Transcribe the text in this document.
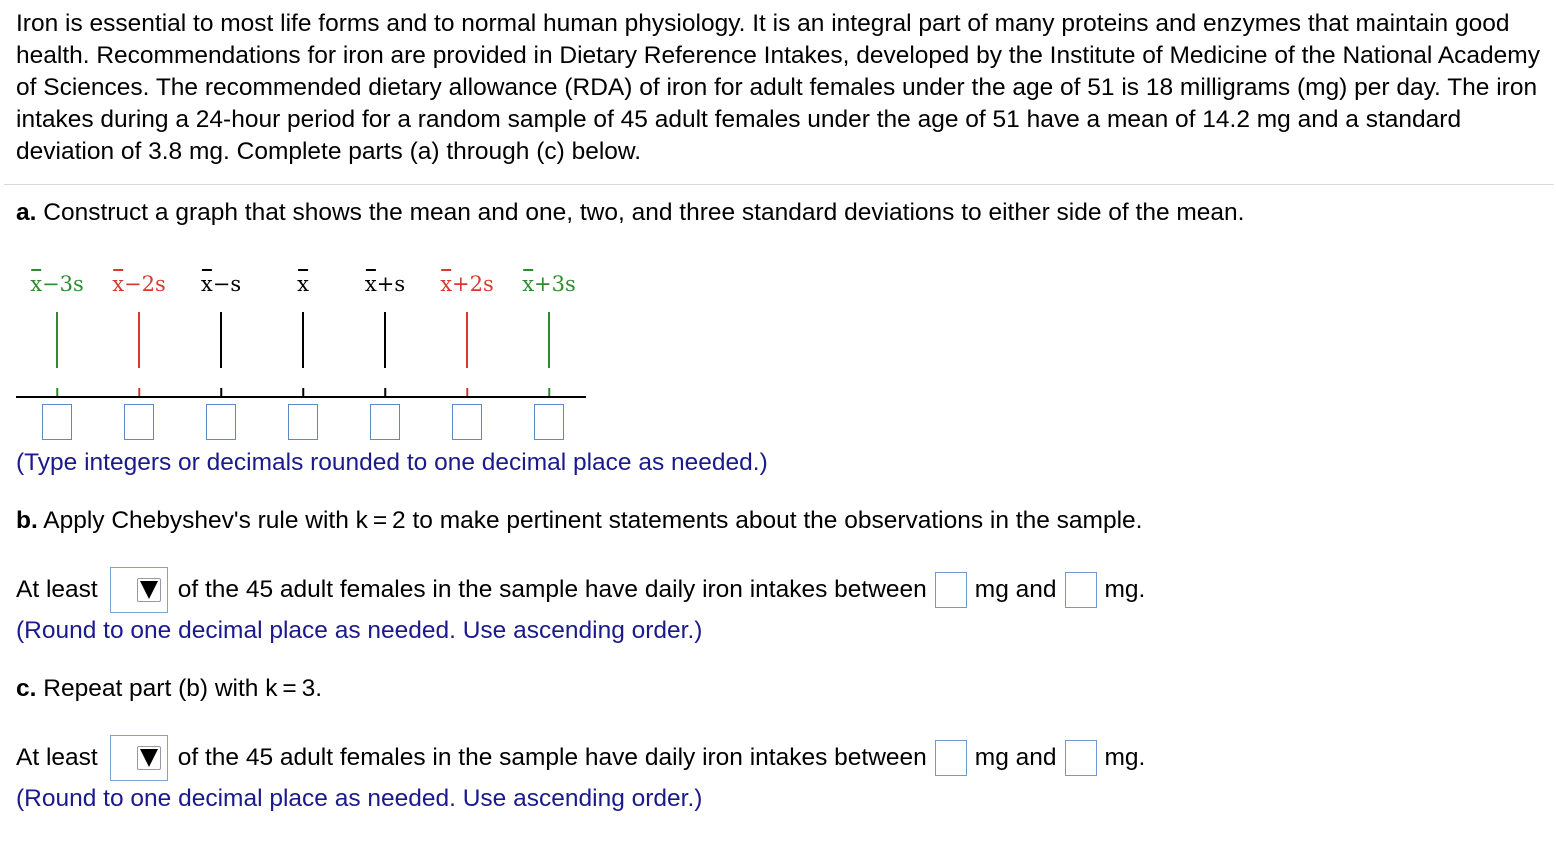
Iron is essential to most life forms and to normal human physiology. It is an integral part of many proteins and enzymes that maintain good health. Recommendations for iron are provided in Dietary Reference Intakes, developed by the Institute of Medicine of the National Academy of Sciences. The recommended dietary allowance (RDA) of iron for adult females under the age of 51 is 18 milligrams (mg) per day. The iron intakes during a 24-hour period for a random sample of 45 adult females under the age of 51 have a mean of 14.2 mg and a standard deviation of 3.8 mg. Complete parts (a) through (c) below.
a. Construct a graph that shows the mean and one, two, and three standard deviations to either side of the mean.
x−3s x−2s x−s	x	x+s x+2s x+3s
(Type integers or decimals rounded to one decimal place as needed.)
b. Apply Chebyshev's rule with k = 2 to make pertinent statements about the observations in the sample.
At least	of the 45 adult females in the sample have daily iron intakes between mg and mg.
(Round to one decimal place as needed. Use ascending order.)
c. Repeat part (b) with k = 3.
At least	of the 45 adult females in the sample have daily iron intakes between mg and mg.
(Round to one decimal place as needed. Use ascending order.)
